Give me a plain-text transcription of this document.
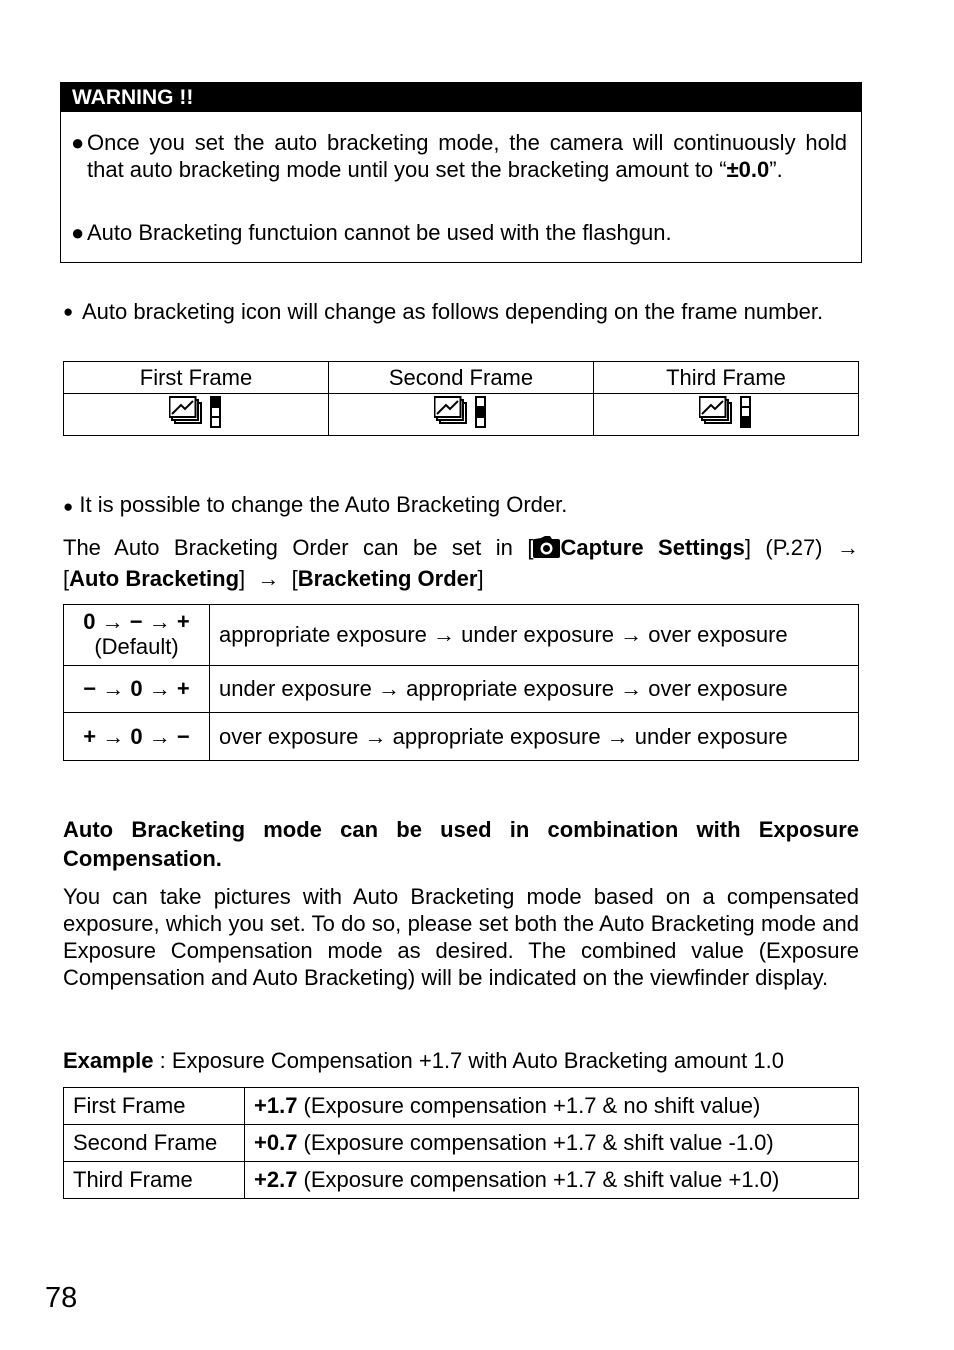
WARNING !!
● Once you set the auto bracketing mode, the camera will continuously hold that auto bracketing mode until you set the bracketing amount to “±0.0”.
● Auto Bracketing functuion cannot be used with the flashgun.
● Auto bracketing icon will change as follows depending on the frame number.
First Frame	Second Frame	Third Frame

● It is possible to change the Auto Bracketing Order.
The Auto Bracketing Order can be set in [ Capture Settings] (P.27) →
[Auto Bracketing]  →  [Bracketing Order]
0 → − → +
(Default)	appropriate exposure → under exposure → over exposure
− → 0 → +	under exposure → appropriate exposure → over exposure
+ → 0 → −	over exposure → appropriate exposure → under exposure

Auto Bracketing mode can be used in combination with Exposure Compensation.

You can take pictures with Auto Bracketing mode based on a compensated exposure, which you set. To do so, please set both the Auto Bracketing mode and Exposure Compensation mode as desired. The combined value (Exposure Compensation and Auto Bracketing) will be indicated on the viewfinder display.

Example : Exposure Compensation +1.7 with Auto Bracketing amount 1.0
First Frame	+1.7 (Exposure compensation +1.7 & no shift value)
Second Frame	+0.7 (Exposure compensation +1.7 & shift value -1.0)
Third Frame	+2.7 (Exposure compensation +1.7 & shift value +1.0)
78
